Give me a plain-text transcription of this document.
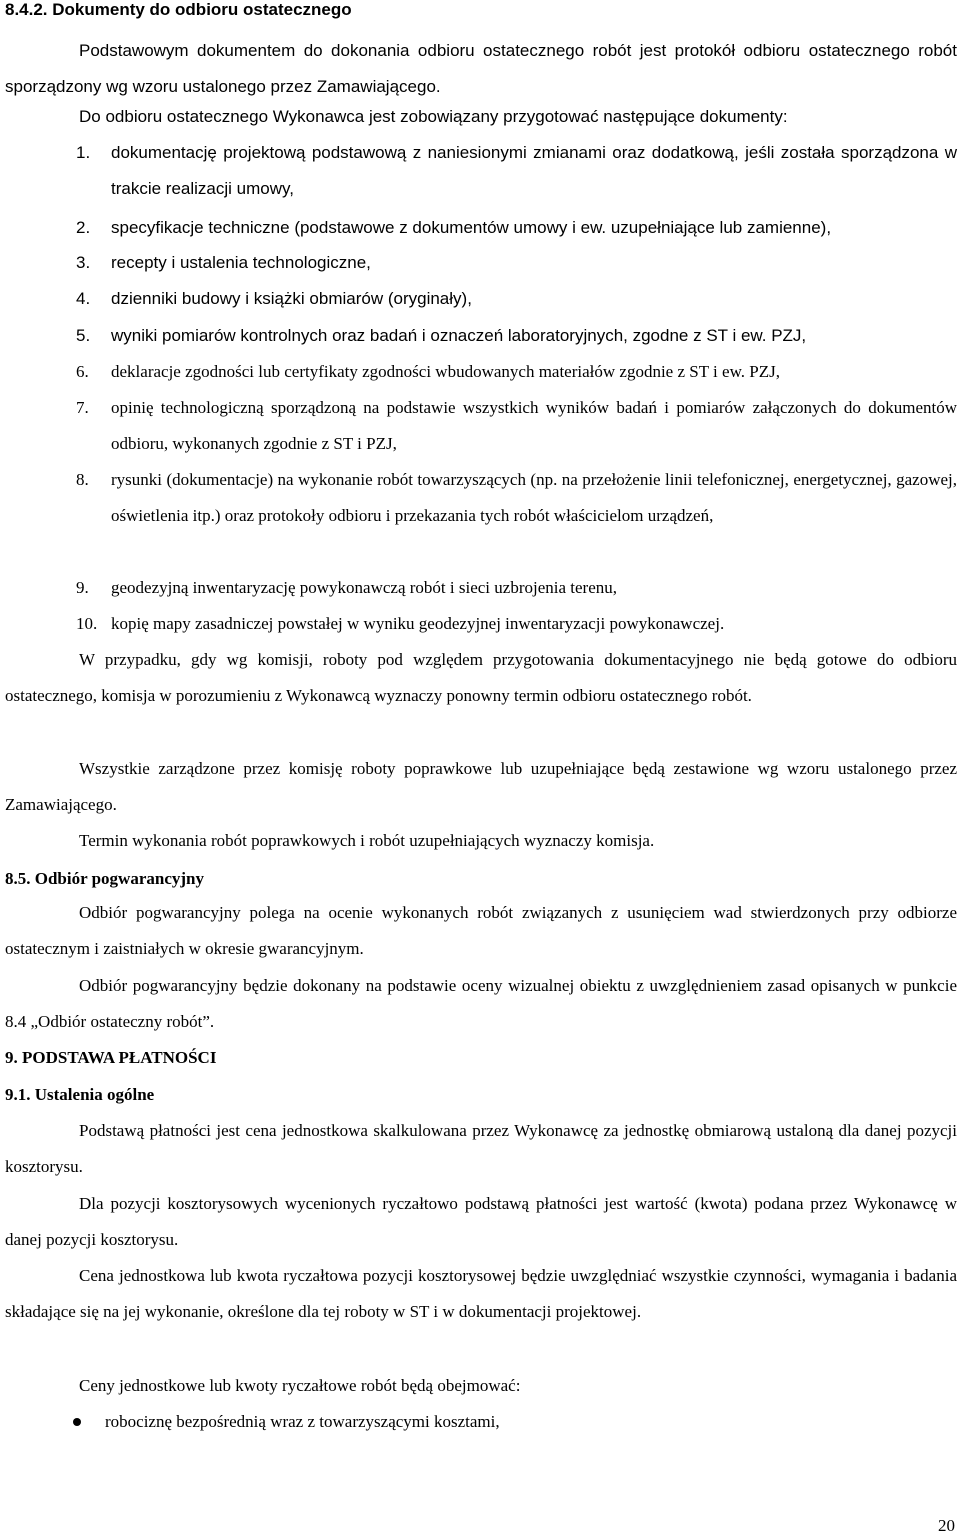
8.4.2. Dokumenty do odbioru ostatecznego

Podstawowym dokumentem do dokonania odbioru ostatecznego robót jest protokół odbioru ostatecznego robót sporządzony wg wzoru ustalonego przez Zamawiającego.

Do odbioru ostatecznego Wykonawca jest zobowiązany przygotować następujące dokumenty:

1. dokumentację projektową podstawową z naniesionymi zmianami oraz dodatkową, jeśli została sporządzona w trakcie realizacji umowy,
2. specyfikacje techniczne (podstawowe z dokumentów umowy i ew. uzupełniające lub zamienne),
3. recepty i ustalenia technologiczne,
4. dzienniki budowy i książki obmiarów (oryginały),
5. wyniki pomiarów kontrolnych oraz badań i oznaczeń laboratoryjnych, zgodne z ST i ew. PZJ,
6. deklaracje zgodności lub certyfikaty zgodności wbudowanych materiałów zgodnie z ST i ew. PZJ,
7. opinię technologiczną sporządzoną na podstawie wszystkich wyników badań i pomiarów załączonych do dokumentów odbioru, wykonanych zgodnie z ST i PZJ,
8. rysunki (dokumentacje) na wykonanie robót towarzyszących (np. na przełożenie linii telefonicznej, energetycznej, gazowej, oświetlenia itp.) oraz protokoły odbioru i przekazania tych robót właścicielom urządzeń,
9. geodezyjną inwentaryzację powykonawczą robót i sieci uzbrojenia terenu,
10. kopię mapy zasadniczej powstałej w wyniku geodezyjnej inwentaryzacji powykonawczej.

W przypadku, gdy wg komisji, roboty pod względem przygotowania dokumentacyjnego nie będą gotowe do odbioru ostatecznego, komisja w porozumieniu z Wykonawcą wyznaczy ponowny termin odbioru ostatecznego robót.

Wszystkie zarządzone przez komisję roboty poprawkowe lub uzupełniające będą zestawione wg wzoru ustalonego przez Zamawiającego.

Termin wykonania robót poprawkowych i robót uzupełniających wyznaczy komisja.

8.5. Odbiór pogwarancyjny

Odbiór pogwarancyjny polega na ocenie wykonanych robót związanych z usunięciem wad stwierdzonych przy odbiorze ostatecznym i zaistniałych w okresie gwarancyjnym.

Odbiór pogwarancyjny będzie dokonany na podstawie oceny wizualnej obiektu z uwzględnieniem zasad opisanych w punkcie 8.4 „Odbiór ostateczny robót”.

9. PODSTAWA PŁATNOŚCI
9.1. Ustalenia ogólne

Podstawą płatności jest cena jednostkowa skalkulowana przez Wykonawcę za jednostkę obmiarową ustaloną dla danej pozycji kosztorysu.

Dla pozycji kosztorysowych wycenionych ryczałtowo podstawą płatności jest wartość (kwota) podana przez Wykonawcę w danej pozycji kosztorysu.

Cena jednostkowa lub kwota ryczałtowa pozycji kosztorysowej będzie uwzględniać wszystkie czynności, wymagania i badania składające się na jej wykonanie, określone dla tej roboty w ST i w dokumentacji projektowej.

Ceny jednostkowe lub kwoty ryczałtowe robót będą obejmować:

robociznę bezpośrednią wraz z towarzyszącymi kosztami,
20
